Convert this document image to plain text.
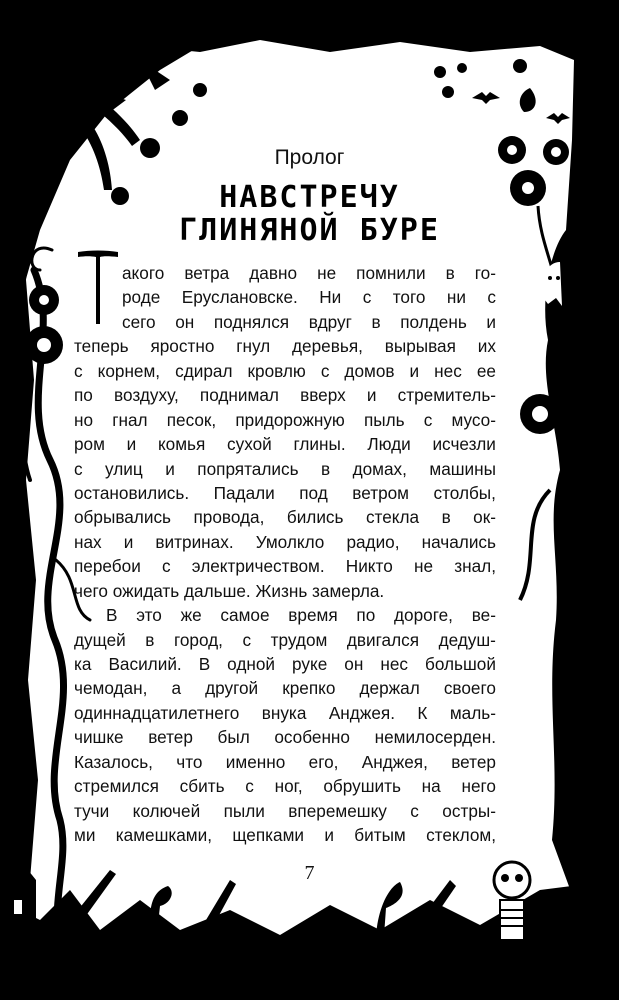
Пролог
НАВСТРЕЧУ
ГЛИНЯНОЙ БУРЕ
акого ветра давно не помнили в го-
роде Еруслановске. Ни с того ни с
сего он поднялся вдруг в полдень и
теперь яростно гнул деревья, вырывая их
с корнем, сдирал кровлю с домов и нес ее
по воздуху, поднимал вверх и стремитель-
но гнал песок, придорожную пыль с мусо-
ром и комья сухой глины. Люди исчезли
с улиц и попрятались в домах, машины
остановились. Падали под ветром столбы,
обрывались провода, бились стекла в ок-
нах и витринах. Умолкло радио, начались
перебои с электричеством. Никто не знал,
чего ожидать дальше. Жизнь замерла.
В это же самое время по дороге, ве-
дущей в город, с трудом двигался дедуш-
ка Василий. В одной руке он нес большой
чемодан, а другой крепко держал своего
одиннадцатилетнего внука Анджея. К маль-
чишке ветер был особенно немилосерден.
Казалось, что именно его, Анджея, ветер
стремился сбить с ног, обрушить на него
тучи колючей пыли вперемешку с остры-
ми камешками, щепками и битым стеклом,
7
